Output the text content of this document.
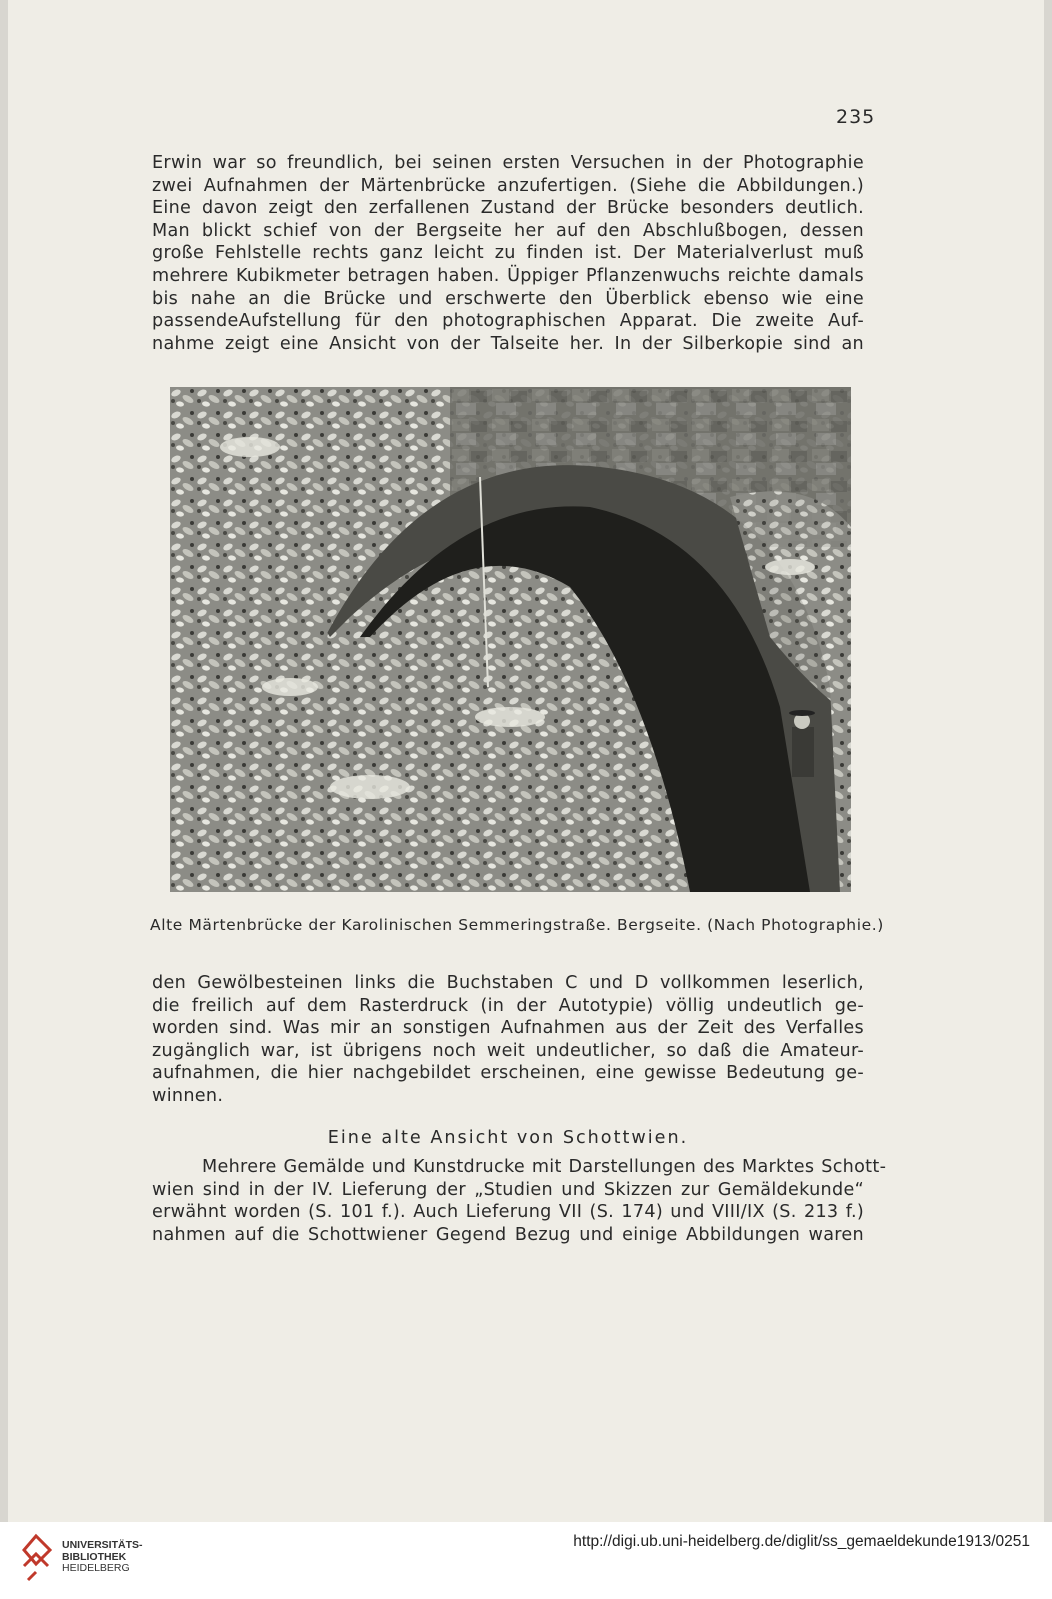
235
Erwin war so freundlich, bei seinen ersten Versuchen in der Photographie
zwei Aufnahmen der Märtenbrücke anzufertigen. (Siehe die Abbildungen.)
Eine davon zeigt den zerfallenen Zustand der Brücke besonders deutlich.
Man blickt schief von der Bergseite her auf den Abschlußbogen, dessen
große Fehlstelle rechts ganz leicht zu finden ist. Der Materialverlust muß
mehrere Kubikmeter betragen haben. Üppiger Pflanzenwuchs reichte damals
bis nahe an die Brücke und erschwerte den Überblick ebenso wie eine
passendeAufstellung für den photographischen Apparat. Die zweite Auf-
nahme zeigt eine Ansicht von der Talseite her. In der Silberkopie sind an
Alte Märtenbrücke der Karolinischen Semmeringstraße. Bergseite. (Nach Photographie.)
den Gewölbesteinen links die Buchstaben C und D vollkommen leserlich,
die freilich auf dem Rasterdruck (in der Autotypie) völlig undeutlich ge-
worden sind. Was mir an sonstigen Aufnahmen aus der Zeit des Verfalles
zugänglich war, ist übrigens noch weit undeutlicher, so daß die Amateur-
aufnahmen, die hier nachgebildet erscheinen, eine gewisse Bedeutung ge-
winnen.
Eine alte Ansicht von Schottwien.
Mehrere Gemälde und Kunstdrucke mit Darstellungen des Marktes Schott-
wien sind in der IV. Lieferung der „Studien und Skizzen zur Gemäldekunde“
erwähnt worden (S. 101 f.). Auch Lieferung VII (S. 174) und VIII/IX (S. 213 f.)
nahmen auf die Schottwiener Gegend Bezug und einige Abbildungen waren
UNIVERSITÄTS-
BIBLIOTHEK
HEIDELBERG
http://digi.ub.uni-heidelberg.de/diglit/ss_gemaeldekunde1913/0251
